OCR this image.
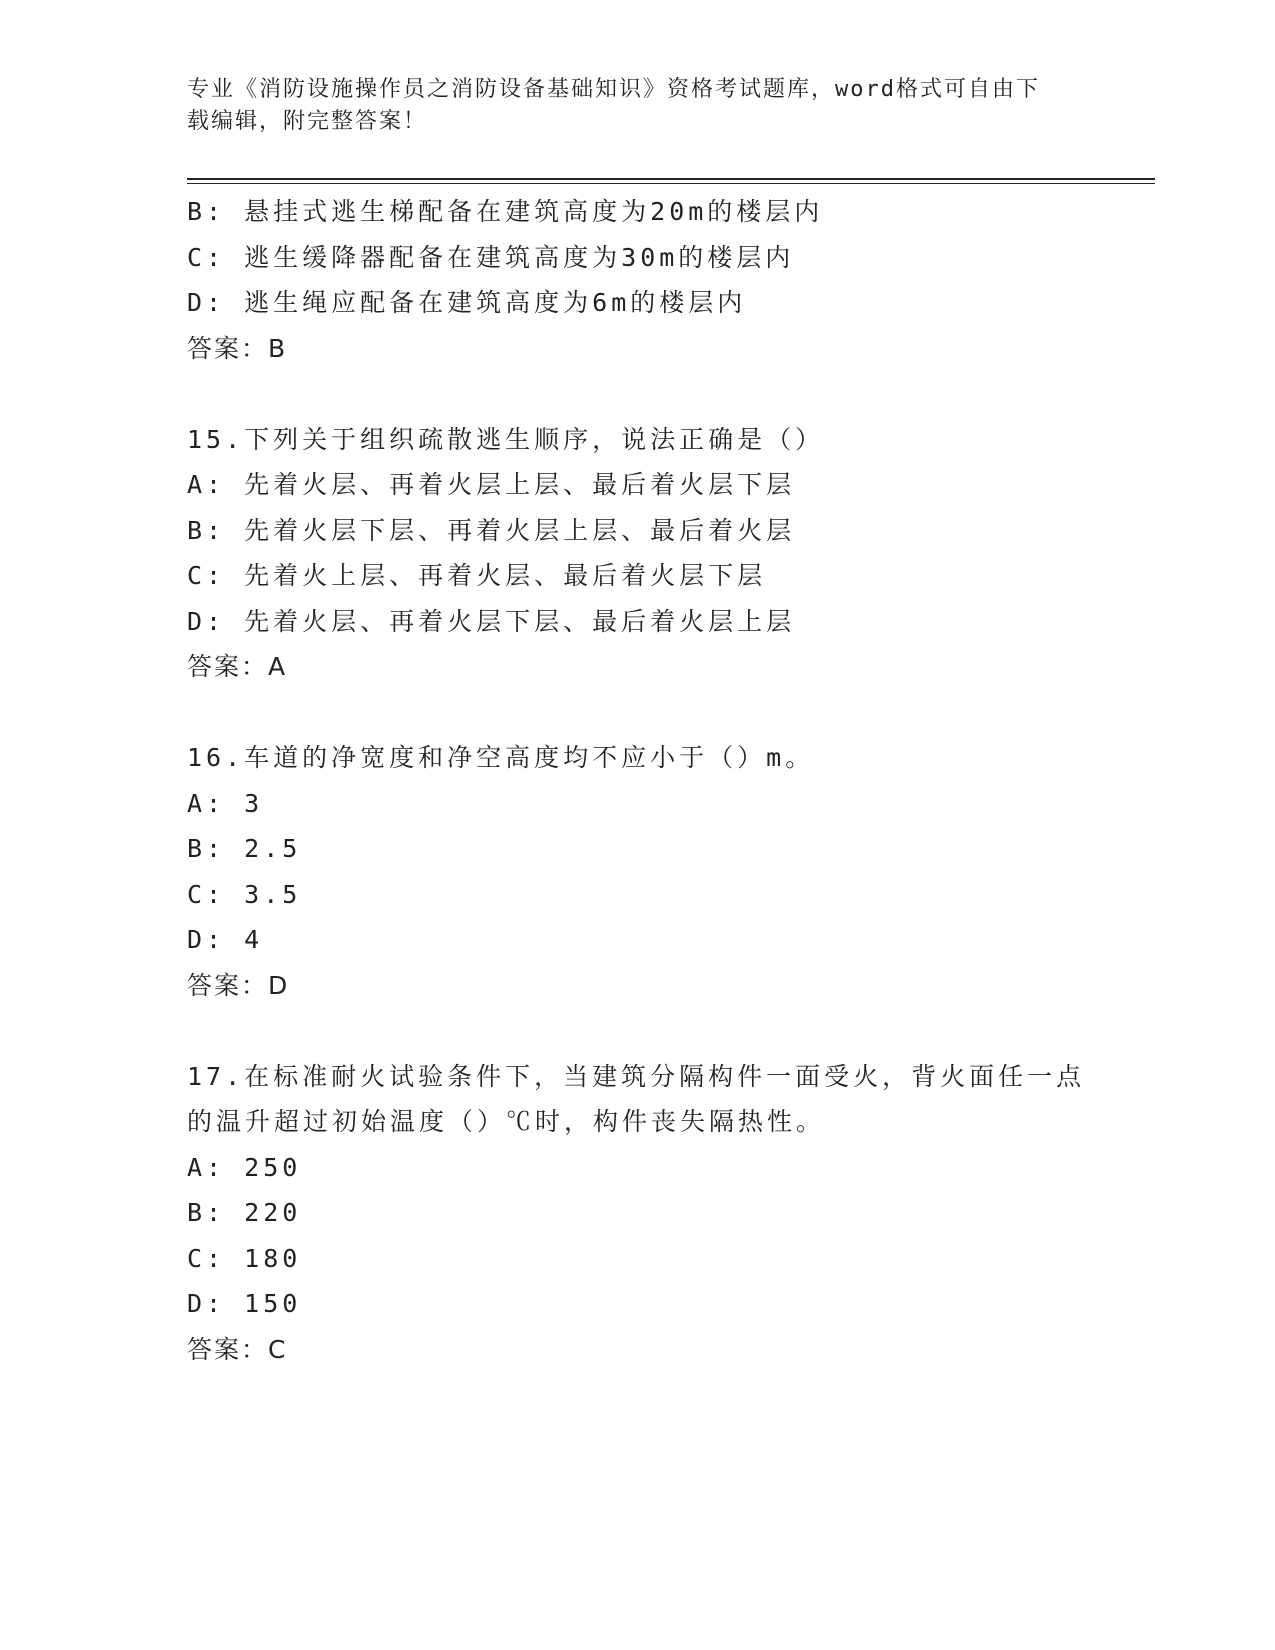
专业《消防设施操作员之消防设备基础知识》资格考试题库，word格式可自由下
载编辑，附完整答案！
B: 悬挂式逃生梯配备在建筑高度为20m的楼层内
C: 逃生缓降器配备在建筑高度为30m的楼层内
D: 逃生绳应配备在建筑高度为6m的楼层内
答案：B
15.下列关于组织疏散逃生顺序，说法正确是（）
A: 先着火层、再着火层上层、最后着火层下层
B: 先着火层下层、再着火层上层、最后着火层
C: 先着火上层、再着火层、最后着火层下层
D: 先着火层、再着火层下层、最后着火层上层
答案：A
16.车道的净宽度和净空高度均不应小于（）m。
A: 3
B: 2.5
C: 3.5
D: 4
答案：D
17.在标准耐火试验条件下，当建筑分隔构件一面受火，背火面任一点
的温升超过初始温度（）℃时，构件丧失隔热性。
A: 250
B: 220
C: 180
D: 150
答案：C
